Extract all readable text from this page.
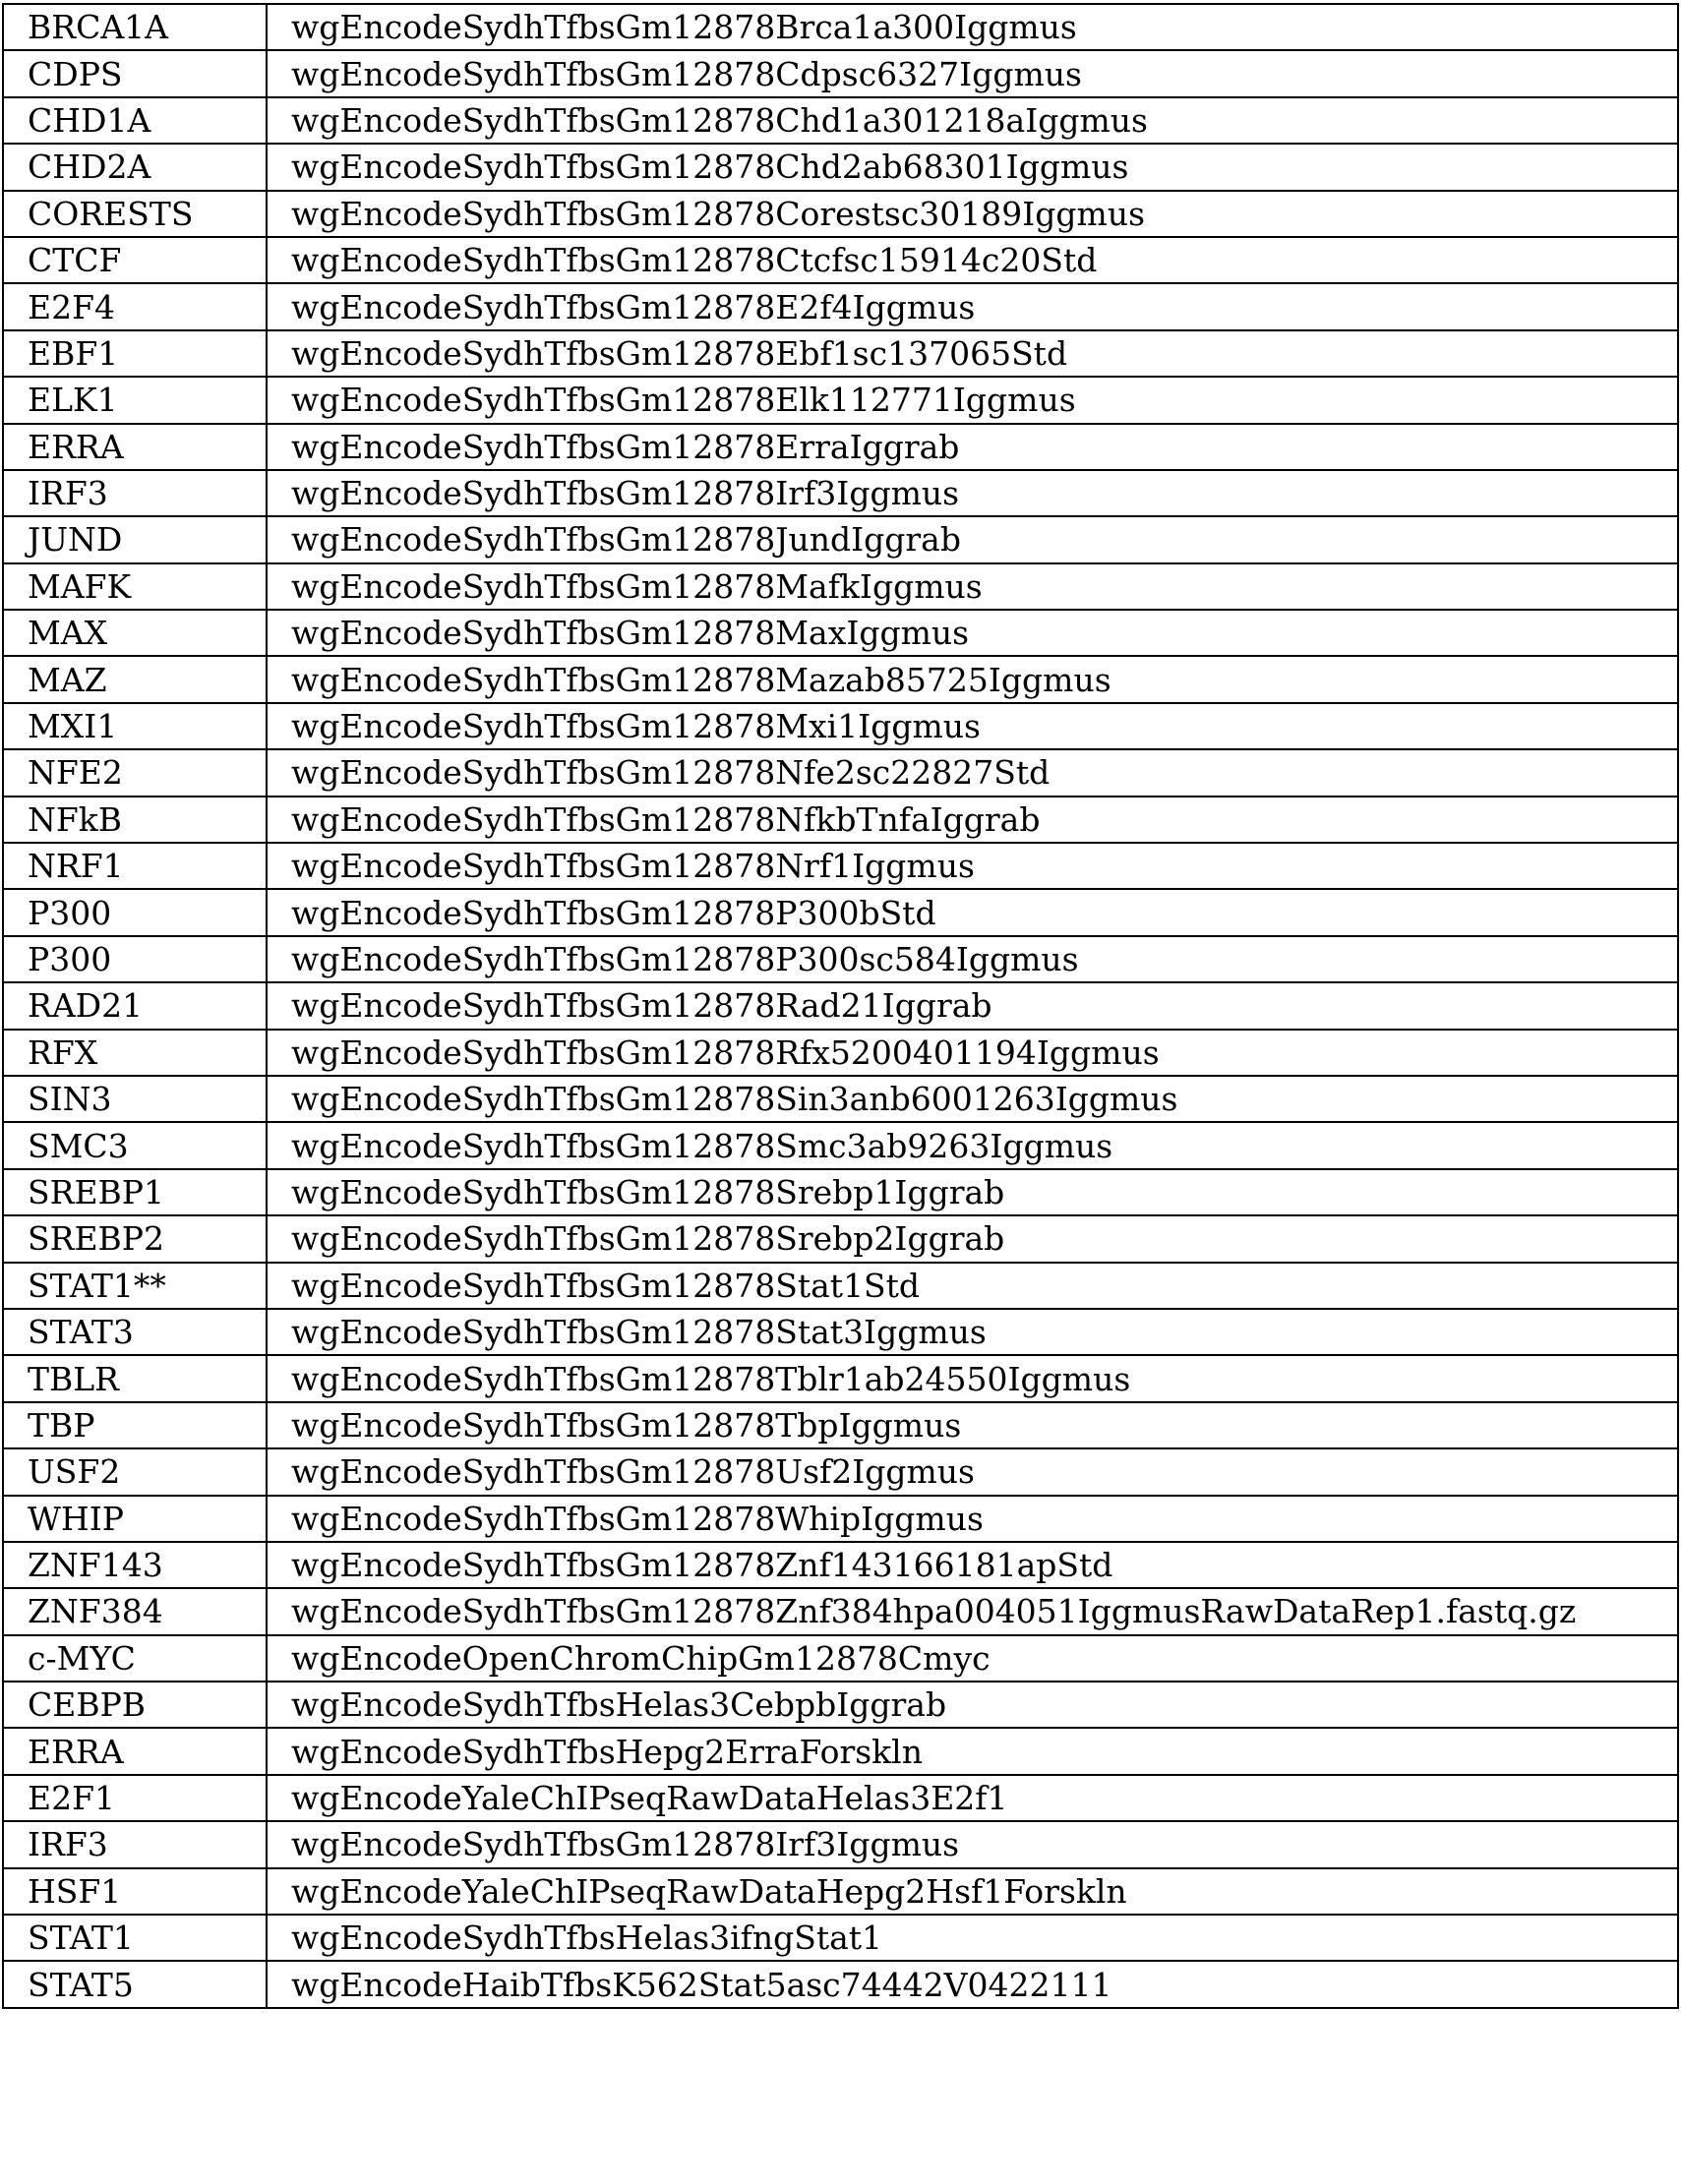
BRCA1A	wgEncodeSydhTfbsGm12878Brca1a300Iggmus
CDPS	wgEncodeSydhTfbsGm12878Cdpsc6327Iggmus
CHD1A	wgEncodeSydhTfbsGm12878Chd1a301218aIggmus
CHD2A	wgEncodeSydhTfbsGm12878Chd2ab68301Iggmus
CORESTS	wgEncodeSydhTfbsGm12878Corestsc30189Iggmus
CTCF	wgEncodeSydhTfbsGm12878Ctcfsc15914c20Std
E2F4	wgEncodeSydhTfbsGm12878E2f4Iggmus
EBF1	wgEncodeSydhTfbsGm12878Ebf1sc137065Std
ELK1	wgEncodeSydhTfbsGm12878Elk112771Iggmus
ERRA	wgEncodeSydhTfbsGm12878ErraIggrab
IRF3	wgEncodeSydhTfbsGm12878Irf3Iggmus
JUND	wgEncodeSydhTfbsGm12878JundIggrab
MAFK	wgEncodeSydhTfbsGm12878MafkIggmus
MAX	wgEncodeSydhTfbsGm12878MaxIggmus
MAZ	wgEncodeSydhTfbsGm12878Mazab85725Iggmus
MXI1	wgEncodeSydhTfbsGm12878Mxi1Iggmus
NFE2	wgEncodeSydhTfbsGm12878Nfe2sc22827Std
NFkB	wgEncodeSydhTfbsGm12878NfkbTnfaIggrab
NRF1	wgEncodeSydhTfbsGm12878Nrf1Iggmus
P300	wgEncodeSydhTfbsGm12878P300bStd
P300	wgEncodeSydhTfbsGm12878P300sc584Iggmus
RAD21	wgEncodeSydhTfbsGm12878Rad21Iggrab
RFX	wgEncodeSydhTfbsGm12878Rfx5200401194Iggmus
SIN3	wgEncodeSydhTfbsGm12878Sin3anb6001263Iggmus
SMC3	wgEncodeSydhTfbsGm12878Smc3ab9263Iggmus
SREBP1	wgEncodeSydhTfbsGm12878Srebp1Iggrab
SREBP2	wgEncodeSydhTfbsGm12878Srebp2Iggrab
STAT1**	wgEncodeSydhTfbsGm12878Stat1Std
STAT3	wgEncodeSydhTfbsGm12878Stat3Iggmus
TBLR	wgEncodeSydhTfbsGm12878Tblr1ab24550Iggmus
TBP	wgEncodeSydhTfbsGm12878TbpIggmus
USF2	wgEncodeSydhTfbsGm12878Usf2Iggmus
WHIP	wgEncodeSydhTfbsGm12878WhipIggmus
ZNF143	wgEncodeSydhTfbsGm12878Znf143166181apStd
ZNF384	wgEncodeSydhTfbsGm12878Znf384hpa004051IggmusRawDataRep1.fastq.gz
c-MYC	wgEncodeOpenChromChipGm12878Cmyc
CEBPB	wgEncodeSydhTfbsHelas3CebpbIggrab
ERRA	wgEncodeSydhTfbsHepg2ErraForskln
E2F1	wgEncodeYaleChIPseqRawDataHelas3E2f1
IRF3	wgEncodeSydhTfbsGm12878Irf3Iggmus
HSF1	wgEncodeYaleChIPseqRawDataHepg2Hsf1Forskln
STAT1	wgEncodeSydhTfbsHelas3ifngStat1
STAT5	wgEncodeHaibTfbsK562Stat5asc74442V0422111
